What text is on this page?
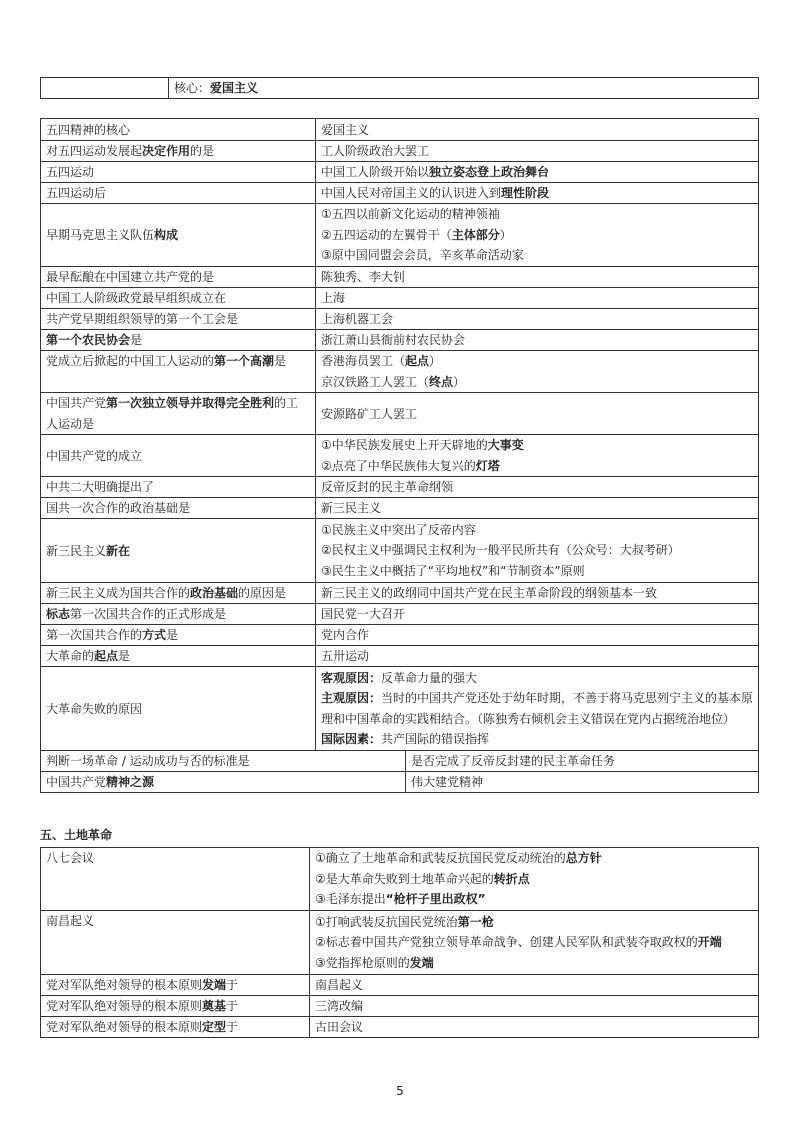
	核心：爱国主义
五四精神的核心	爱国主义	
对五四运动发展起决定作用的是	工人阶级政治大罢工	
五四运动	中国工人阶级开始以独立姿态登上政治舞台	
五四运动后	中国人民对帝国主义的认识进入到理性阶段	
早期马克思主义队伍构成	①五四以前新文化运动的精神领袖
②五四运动的左翼骨干（主体部分）
③原中国同盟会会员，辛亥革命活动家	

最早酝酿在中国建立共产党的是	陈独秀、李大钊	
中国工人阶级政党最早组织成立在	上海	
共产党早期组织领导的第一个工会是	上海机器工会	
第一个农民协会是	浙江萧山县衙前村农民协会	
党成立后掀起的中国工人运动的第一个高潮是	香港海员罢工（起点）
京汉铁路工人罢工（终点）	

中国共产党第一次独立领导并取得完全胜利的工
人运动是	安源路矿工人罢工	
中国共产党的成立	①中华民族发展史上开天辟地的大事变
②点亮了中华民族伟大复兴的灯塔	

中共二大明确提出了	反帝反封的民主革命纲领	
国共一次合作的政治基础是	新三民主义	
新三民主义新在	①民族主义中突出了反帝内容
②民权主义中强调民主权利为一般平民所共有（公众号：大叔考研）
③民生主义中概括了“平均地权”和“节制资本”原则	

新三民主义成为国共合作的政治基础的原因是	新三民主义的政纲同中国共产党在民主革命阶段的纲领基本一致	
标志第一次国共合作的正式形成是	国民党一大召开	
第一次国共合作的方式是	党内合作	
大革命的起点是	五卅运动	
大革命失败的原因	客观原因：反革命力量的强大
主观原因：当时的中国共产党还处于幼年时期，不善于将马克思列宁主义的基本原
理和中国革命的实践相结合。（陈独秀右倾机会主义错误在党内占据统治地位）
国际因素：共产国际的错误指挥	

判断一场革命 / 运动成功与否的标准是		是否完成了反帝反封建的民主革命任务
中国共产党精神之源		伟大建党精神
五、土地革命
八七会议	①确立了土地革命和武装反抗国民党反动统治的总方针
②是大革命失败到土地革命兴起的转折点
③毛泽东提出“枪杆子里出政权”

南昌起义	①打响武装反抗国民党统治第一枪
②标志着中国共产党独立领导革命战争、创建人民军队和武装夺取政权的开端
③党指挥枪原则的发端

党对军队绝对领导的根本原则发端于	南昌起义
党对军队绝对领导的根本原则奠基于	三湾改编
党对军队绝对领导的根本原则定型于	古田会议
5
